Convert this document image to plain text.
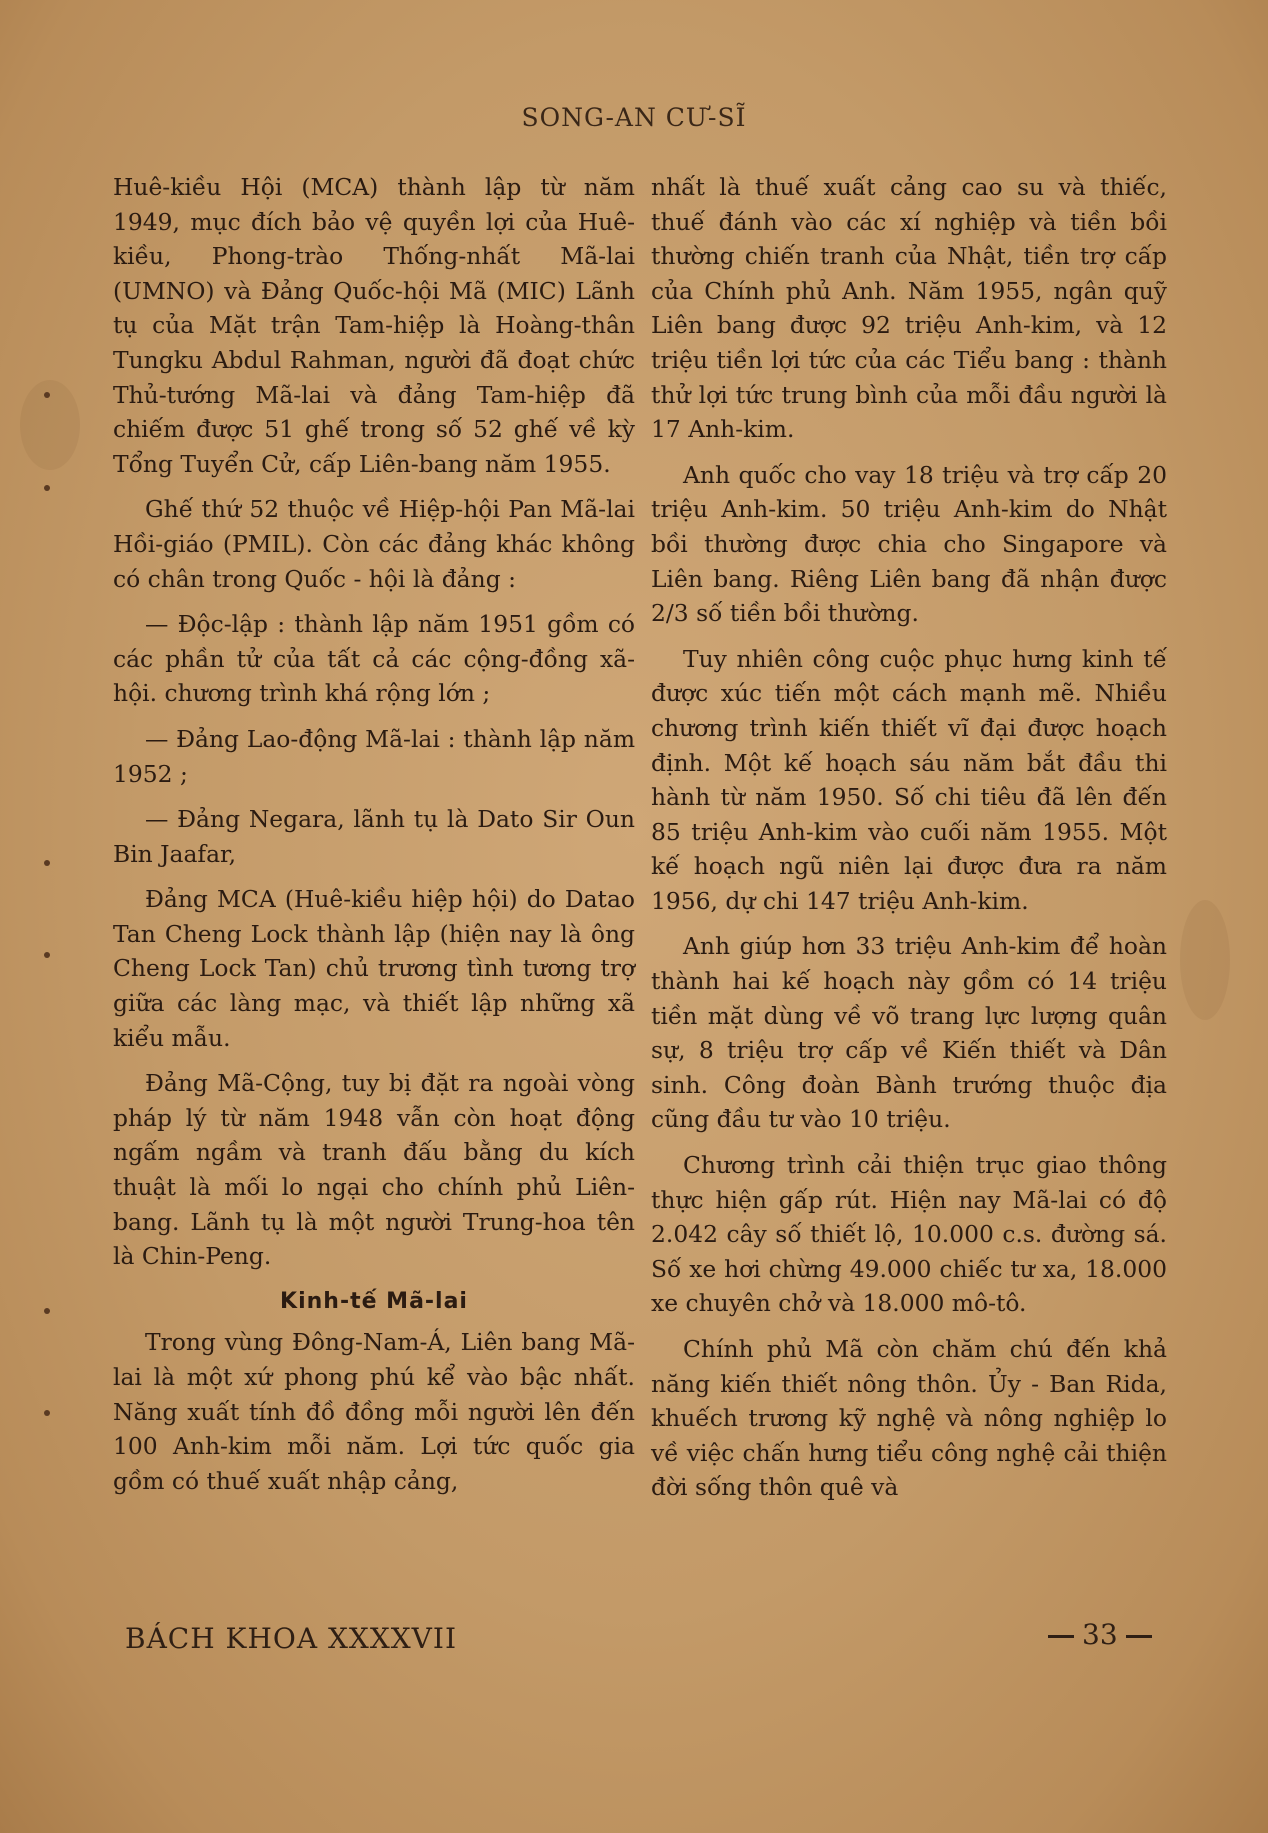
SONG-AN CƯ-SĨ

Huê-kiều Hội (MCA) thành lập từ năm 1949, mục đích bảo vệ quyền lợi của Huê-kiều, Phong-trào Thống-nhất Mã-lai (UMNO) và Đảng Quốc-hội Mã (MIC) Lãnh tụ của Mặt trận Tam-hiệp là Hoàng-thân Tungku Abdul Rahman, người đã đoạt chức Thủ-tướng Mã-lai và đảng Tam-hiệp đã chiếm được 51 ghế trong số 52 ghế về kỳ Tổng Tuyển Cử, cấp Liên-bang năm 1955.

Ghế thứ 52 thuộc về Hiệp-hội Pan Mã-lai Hồi-giáo (PMIL). Còn các đảng khác không có chân trong Quốc - hội là đảng :

— Độc-lập : thành lập năm 1951 gồm có các phần tử của tất cả các cộng-đồng xã-hội. chương trình khá rộng lớn ;

— Đảng Lao-động Mã-lai : thành lập năm 1952 ;

— Đảng Negara, lãnh tụ là Dato Sir Oun Bin Jaafar,

Đảng MCA (Huê-kiều hiệp hội) do Datao Tan Cheng Lock thành lập (hiện nay là ông Cheng Lock Tan) chủ trương tình tương trợ giữa các làng mạc, và thiết lập những xã kiểu mẫu.

Đảng Mã-Cộng, tuy bị đặt ra ngoài vòng pháp lý từ năm 1948 vẫn còn hoạt động ngấm ngầm và tranh đấu bằng du kích thuật là mối lo ngại cho chính phủ Liên-bang. Lãnh tụ là một người Trung-hoa tên là Chin-Peng.

Kinh-tế Mã-lai

Trong vùng Đông-Nam-Á, Liên bang Mã-lai là một xứ phong phú kể vào bậc nhất. Năng xuất tính đồ đồng mỗi người lên đến 100 Anh-kim mỗi năm. Lợi tức quốc gia gồm có thuế xuất nhập cảng,

nhất là thuế xuất cảng cao su và thiếc, thuế đánh vào các xí nghiệp và tiền bồi thường chiến tranh của Nhật, tiền trợ cấp của Chính phủ Anh. Năm 1955, ngân quỹ Liên bang được 92 triệu Anh-kim, và 12 triệu tiền lợi tức của các Tiểu bang : thành thử lợi tức trung bình của mỗi đầu người là 17 Anh-kim.

Anh quốc cho vay 18 triệu và trợ cấp 20 triệu Anh-kim. 50 triệu Anh-kim do Nhật bồi thường được chia cho Singapore và Liên bang. Riêng Liên bang đã nhận được 2/3 số tiền bồi thường.

Tuy nhiên công cuộc phục hưng kinh tế được xúc tiến một cách mạnh mẽ. Nhiều chương trình kiến thiết vĩ đại được hoạch định. Một kế hoạch sáu năm bắt đầu thi hành từ năm 1950. Số chi tiêu đã lên đến 85 triệu Anh-kim vào cuối năm 1955. Một kế hoạch ngũ niên lại được đưa ra năm 1956, dự chi 147 triệu Anh-kim.

Anh giúp hơn 33 triệu Anh-kim để hoàn thành hai kế hoạch này gồm có 14 triệu tiền mặt dùng về võ trang lực lượng quân sự, 8 triệu trợ cấp về Kiến thiết và Dân sinh. Công đoàn Bành trướng thuộc địa cũng đầu tư vào 10 triệu.

Chương trình cải thiện trục giao thông thực hiện gấp rút. Hiện nay Mã-lai có độ 2.042 cây số thiết lộ, 10.000 c.s. đường sá. Số xe hơi chừng 49.000 chiếc tư xa, 18.000 xe chuyên chở và 18.000 mô-tô.

Chính phủ Mã còn chăm chú đến khả năng kiến thiết nông thôn. Ủy - Ban Rida, khuếch trương kỹ nghệ và nông nghiệp lo về việc chấn hưng tiểu công nghệ cải thiện đời sống thôn quê và

BÁCH KHOA XXXXVII	33
